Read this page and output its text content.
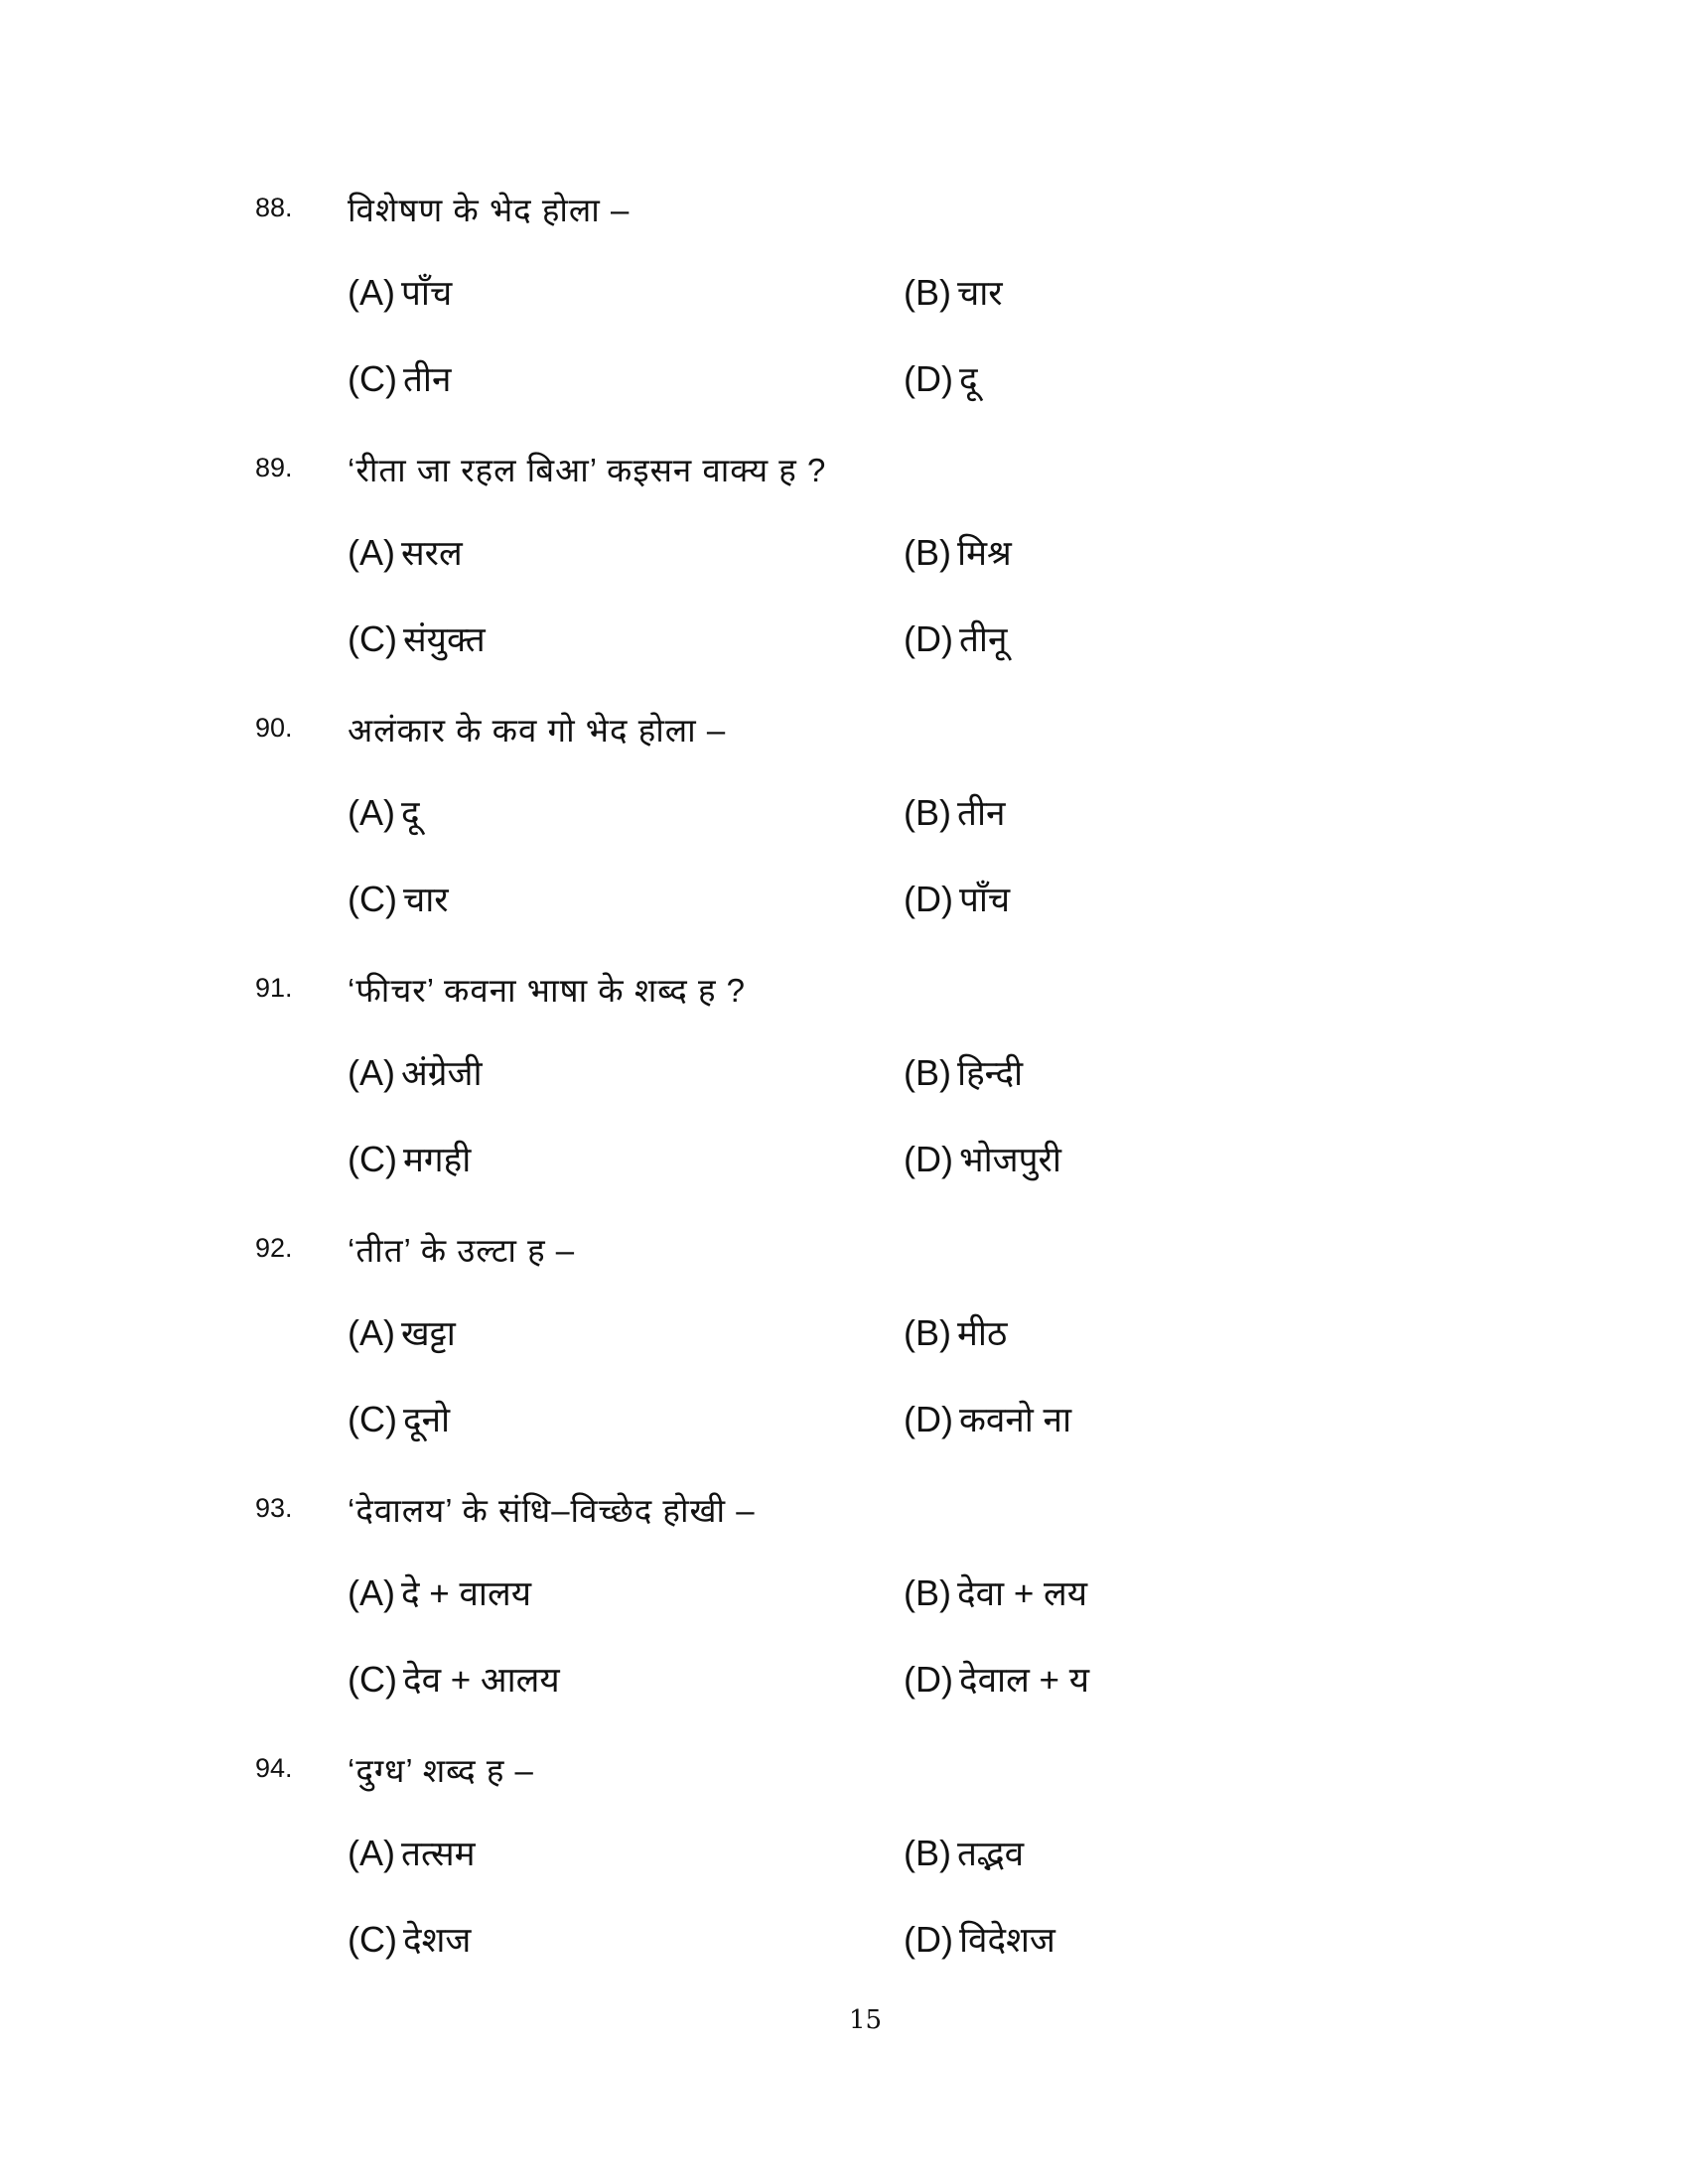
88. विशेषण के भेद होला –
(A) पाँच	(B) चार
(C) तीन	(D) दू
89. ‘रीता जा रहल बिआ’ कइसन वाक्य ह ?
(A) सरल	(B) मिश्र
(C) संयुक्त	(D) तीनू
90. अलंकार के कव गो भेद होला –
(A) दू	(B) तीन
(C) चार	(D) पाँच
91. ‘फीचर’ कवना भाषा के शब्द ह ?
(A) अंग्रेजी	(B) हिन्दी
(C) मगही	(D) भोजपुरी
92. ‘तीत’ के उल्टा ह –
(A) खट्टा	(B) मीठ
(C) दूनो	(D) कवनो ना
93. ‘देवालय’ के संधि–विच्छेद होखी –
(A) दे + वालय	(B) देवा + लय
(C) देव + आलय	(D) देवाल + य
94. ‘दुग्ध’ शब्द ह –
(A) तत्सम	(B) तद्भव
(C) देशज	(D) विदेशज
15
